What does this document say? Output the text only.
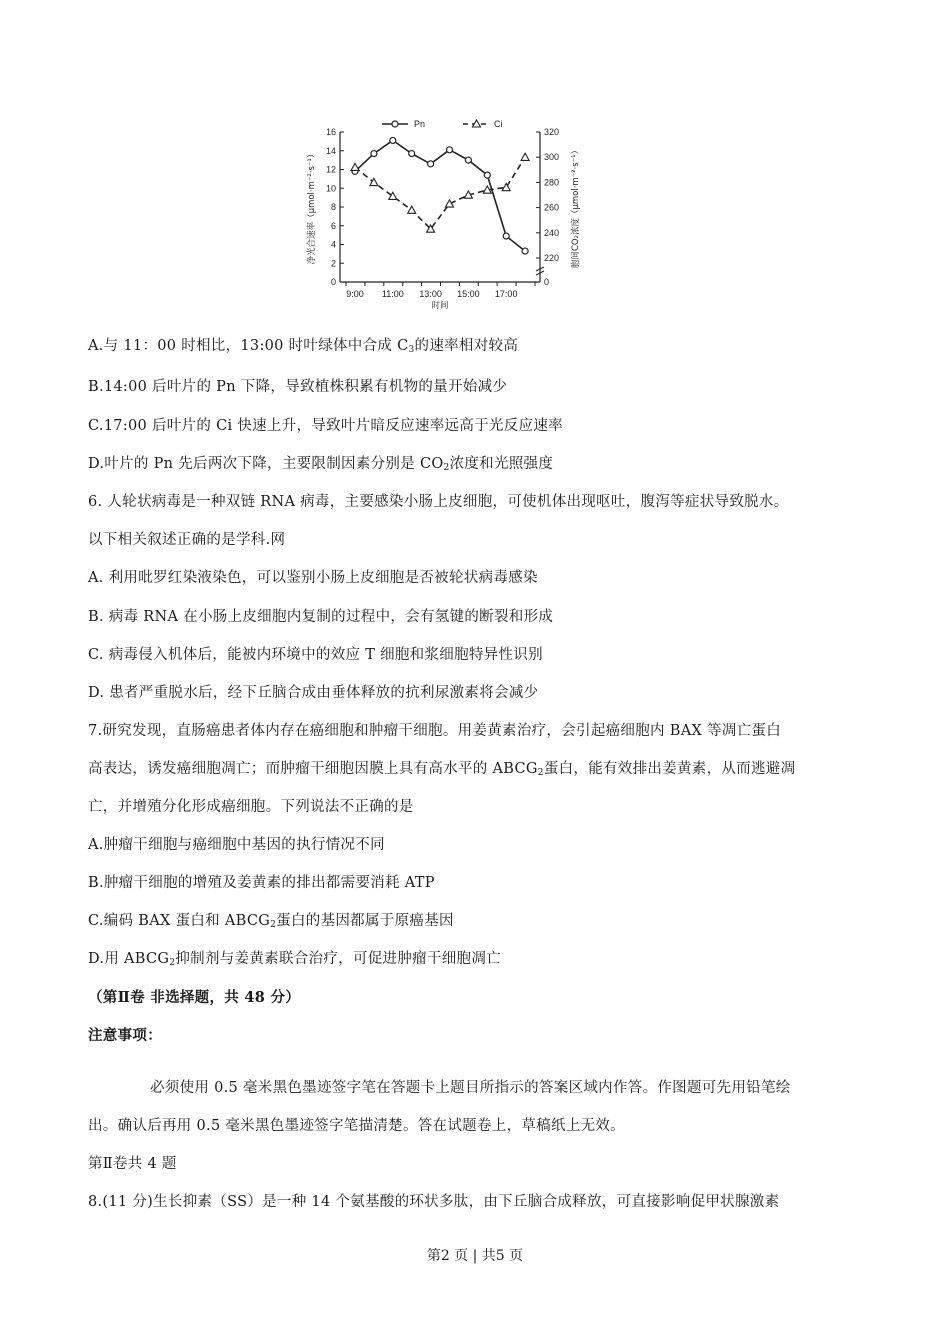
0
2
4
6
8
10
12
14
16
0
220
240
260
280
300
320
9:00 11:00 13:00 15:00 17:00
时间
净光合速率（μmol·m⁻²·s⁻¹）	胞间CO₂浓度（μmol·m⁻²·s⁻¹）
Pn	Ci
A.与 11：00 时相比，13:00 时叶绿体中合成 $C_3$的速率相对较高
B.14:00 后叶片的 Pn 下降，导致植株积累有机物的量开始减少
C.17:00 后叶片的 Ci 快速上升，导致叶片暗反应速率远高于光反应速率
D.叶片的 Pn 先后两次下降，主要限制因素分别是 $CO_2$浓度和光照强度
6. 人轮状病毒是一种双链 RNA 病毒，主要感染小肠上皮细胞，可使机体出现呕吐，腹泻等症状导致脱水。
以下相关叙述正确的是学科.网
A. 利用吡罗红染液染色，可以鉴别小肠上皮细胞是否被轮状病毒感染
B. 病毒 RNA 在小肠上皮细胞内复制的过程中，会有氢键的断裂和形成
C. 病毒侵入机体后，能被内环境中的效应 T 细胞和浆细胞特异性识别
D. 患者严重脱水后，经下丘脑合成由垂体释放的抗利尿激素将会减少
7.研究发现，直肠癌患者体内存在癌细胞和肿瘤干细胞。用姜黄素治疗，会引起癌细胞内 BAX 等凋亡蛋白
高表达，诱发癌细胞凋亡；而肿瘤干细胞因膜上具有高水平的 $ABCG_2$蛋白，能有效排出姜黄素，从而逃避凋
亡，并增殖分化形成癌细胞。下列说法不正确的是
A.肿瘤干细胞与癌细胞中基因的执行情况不同
B.肿瘤干细胞的增殖及姜黄素的排出都需要消耗 ATP
C.编码 BAX 蛋白和 $ABCG_2$蛋白的基因都属于原癌基因
D.用 $ABCG_2$抑制剂与姜黄素联合治疗，可促进肿瘤干细胞凋亡
（第Ⅱ卷 非选择题，共 48 分）
注意事项：
必须使用 0.5 毫米黑色墨迹签字笔在答题卡上题目所指示的答案区域内作答。作图题可先用铅笔绘
出。确认后再用 0.5 毫米黑色墨迹签字笔描清楚。答在试题卷上，草稿纸上无效。
第Ⅱ卷共 4 题
8.(11 分)生长抑素（SS）是一种 14 个氨基酸的环状多肽，由下丘脑合成释放，可直接影响促甲状腺激素
第2 页 | 共5 页
